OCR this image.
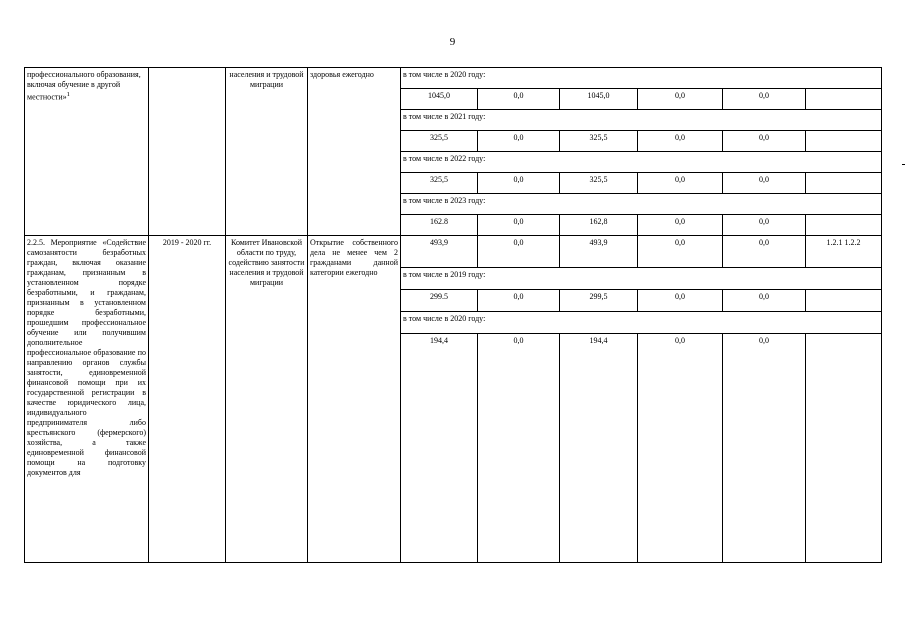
9
профессионального образования, включая обучение в другой местности»$^1$		населения и трудовой миграции	здоровья ежегодно	в том числе в 2020 году:					
				1045,0	0,0	1045,0	0,0	0,0	
				в том числе в 2021 году:					
				325,5	0,0	325,5	0,0	0,0	
				в том числе в 2022 году:					
				325,5	0,0	325,5	0,0	0,0	
				в том числе в 2023 году:					
				162.8	0,0	162,8	0,0	0,0	
2.2.5. Мероприятие «Содействие самозанятости безработных граждан, включая оказание гражданам, признанным в установленном порядке безработными, и гражданам, признанным в установленном порядке безработными, прошедшим профессиональное обучение или получившим дополнительное профессиональное образование по направлению органов службы занятости, единовременной финансовой помощи при их государственной регистрации в качестве юридического лица, индивидуального предпринимателя либо крестьянского (фермерского) хозяйства, а также единовременной финансовой помощи на подготовку документов для	2019 - 2020 гг.	Комитет Ивановской области по труду, содействию занятости населения и трудовой миграции	Открытие собственного дела не менее чем 2 гражданами данной категории ежегодно	493,9	0,0	493,9	0,0	0,0	1.2.1 1.2.2
				в том числе в 2019 году:					
				299.5	0,0	299,5	0,0	0,0	
				в том числе в 2020 году:					
				194,4	0,0	194,4	0,0	0,0	
